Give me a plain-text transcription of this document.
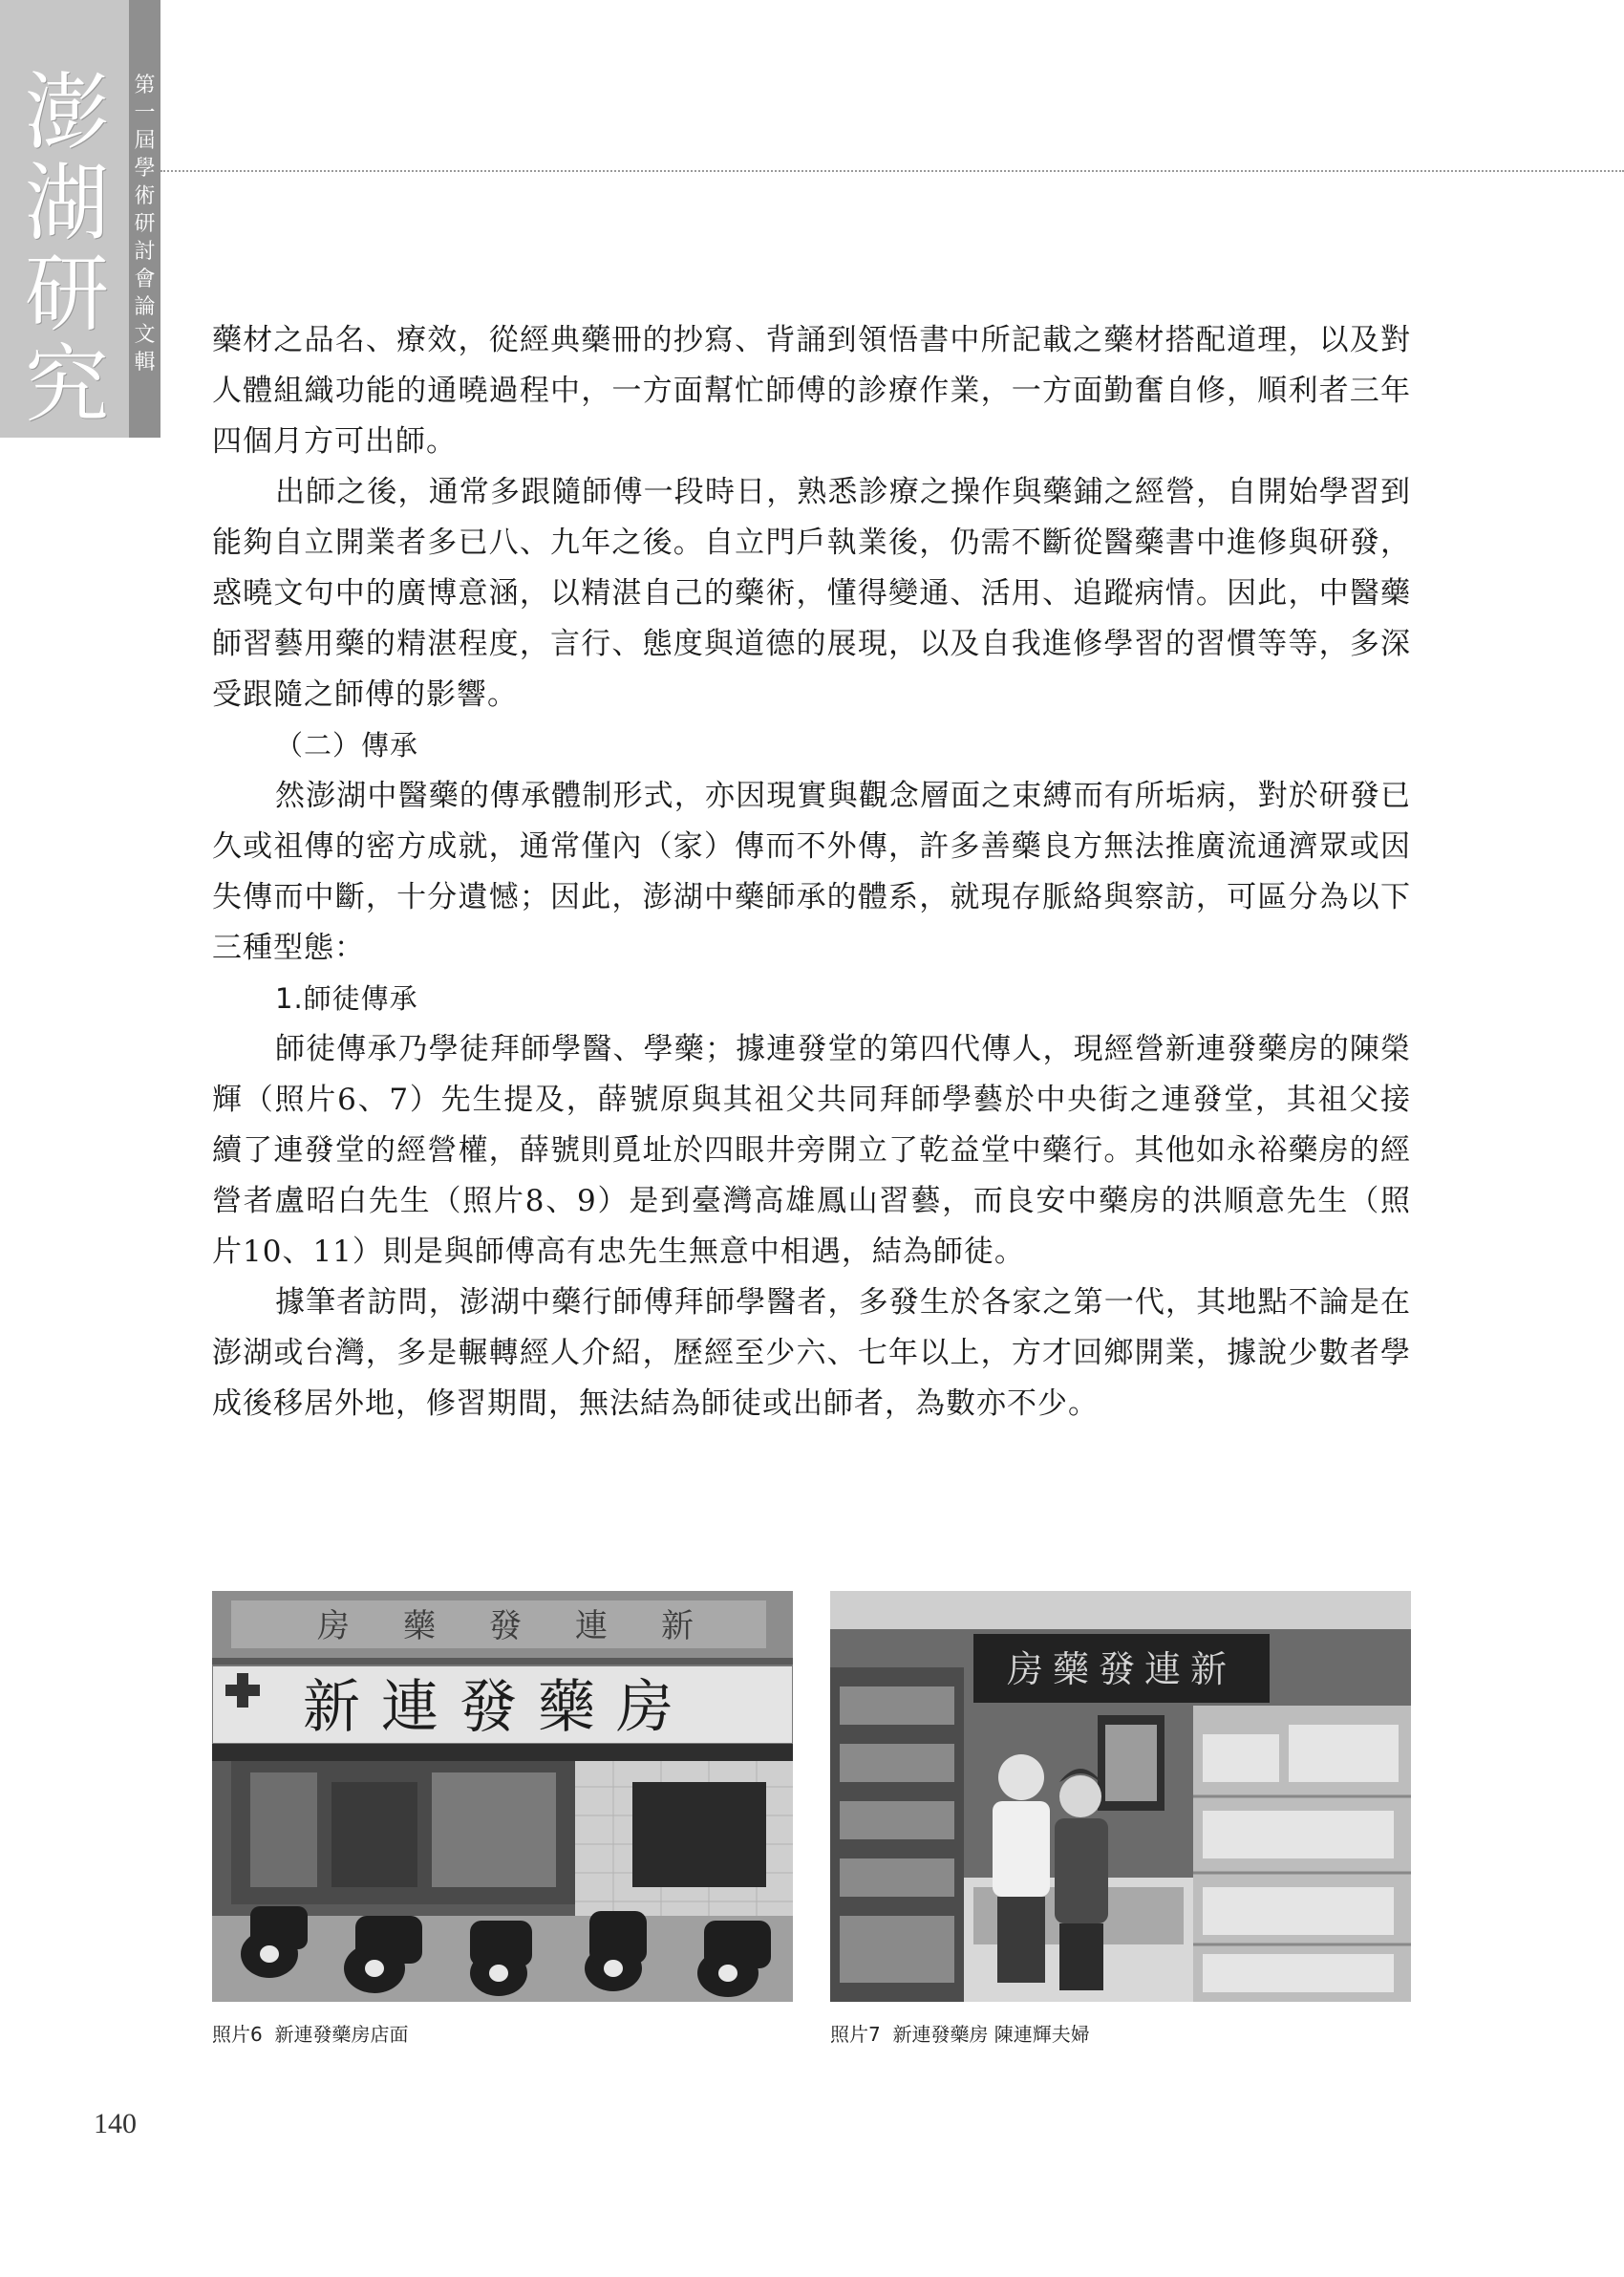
澎
湖
研
究
第
一
屆
學
術
研
討
會
論
文
輯

藥材之品名、療效，從經典藥冊的抄寫、背誦到領悟書中所記載之藥材搭配道理，以及對人體組織功能的通曉過程中，一方面幫忙師傅的診療作業，一方面勤奮自修，順利者三年四個月方可出師。

出師之後，通常多跟隨師傅一段時日，熟悉診療之操作與藥鋪之經營，自開始學習到能夠自立開業者多已八、九年之後。自立門戶執業後，仍需不斷從醫藥書中進修與研發，惑曉文句中的廣博意涵，以精湛自己的藥術，懂得變通、活用、追蹤病情。因此，中醫藥師習藝用藥的精湛程度，言行、態度與道德的展現，以及自我進修學習的習慣等等，多深受跟隨之師傅的影響。

（二）傳承

然澎湖中醫藥的傳承體制形式，亦因現實與觀念層面之束縛而有所垢病，對於研發已久或祖傳的密方成就，通常僅內（家）傳而不外傳，許多善藥良方無法推廣流通濟眾或因失傳而中斷，十分遺憾；因此，澎湖中藥師承的體系，就現存脈絡與察訪，可區分為以下三種型態：

1.師徒傳承

師徒傳承乃學徒拜師學醫、學藥；據連發堂的第四代傳人，現經營新連發藥房的陳榮輝（照片6、7）先生提及，薛號原與其祖父共同拜師學藝於中央街之連發堂，其祖父接續了連發堂的經營權，薛號則覓址於四眼井旁開立了乾益堂中藥行。其他如永裕藥房的經營者盧昭白先生（照片8、9）是到臺灣高雄鳳山習藝，而良安中藥房的洪順意先生（照片10、11）則是與師傅高有忠先生無意中相遇，結為師徒。

據筆者訪問，澎湖中藥行師傅拜師學醫者，多發生於各家之第一代，其地點不論是在澎湖或台灣，多是輾轉經人介紹，歷經至少六、七年以上，方才回鄉開業，據說少數者學成後移居外地，修習期間，無法結為師徒或出師者，為數亦不少。

房 藥 發 連 新
新連發藥房
房藥發連新
照片6  新連發藥房店面	照片7  新連發藥房 陳連輝夫婦
140
